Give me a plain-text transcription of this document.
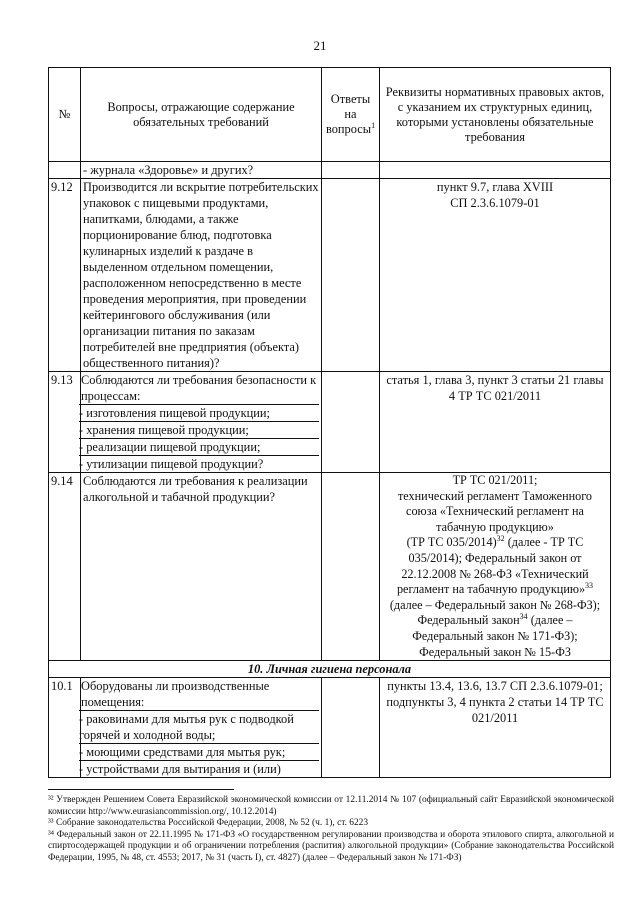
21
№	Вопросы, отражающие содержание обязательных требований	Ответы на вопросы$^1$	Реквизиты нормативных правовых актов, с указанием их структурных единиц, которыми установлены обязательные требования
	- журнала «Здоровье» и других?		
9.12	Производится ли вскрытие потребительских упаковок с пищевыми продуктами, напитками, блюдами, а также порционирование блюд, подготовка кулинарных изделий к раздаче в выделенном отдельном помещении, расположенном непосредственно в месте проведения мероприятия, при проведении кейтерингового обслуживания (или организации питания по заказам потребителей вне предприятия (объекта) общественного питания)?		пункт 9.7, глава XVIII
СП 2.3.6.1079-01

9.13	Соблюдаются ли требования безопасности к процессам:
- изготовления пищевой продукции;
- хранения пищевой продукции;
- реализации пищевой продукции;
- утилизации пищевой продукции?		статья 1, глава 3, пункт 3 статьи 21 главы 4 ТР ТС 021/2011
9.14	Соблюдаются ли требования к реализации алкогольной и табачной продукции?		ТР ТС 021/2011;
технический регламент Таможенного союза «Технический регламент на табачную продукцию»
(ТР ТС 035/2014)$^{32}$ (далее - ТР ТС 035/2014); Федеральный закон от 22.12.2008 № 268-ФЗ «Технический регламент на табачную продукцию»$^{33}$ (далее – Федеральный закон № 268-ФЗ); Федеральный закон$^{34}$ (далее – Федеральный закон № 171-ФЗ); Федеральный закон № 15-ФЗ
10. Личная гигиена персонала			
10.1	Оборудованы ли производственные помещения:
- раковинами для мытья рук с подводкой горячей и холодной воды;
- моющими средствами для мытья рук;
- устройствами для вытирания и (или)		пункты 13.4, 13.6, 13.7 СП 2.3.6.1079-01; подпункты 3, 4 пункта 2 статьи 14 ТР ТС 021/2011
³² Утвержден Решением Совета Евразийской экономической комиссии от 12.11.2014 № 107 (официальный сайт Евразийской экономической комиссии http://www.eurasiancommission.org/, 10.12.2014)
³³ Собрание законодательства Российской Федерации, 2008, № 52 (ч. 1), ст. 6223
³⁴ Федеральный закон от 22.11.1995 № 171-ФЗ «О государственном регулировании производства и оборота этилового спирта, алкогольной и спиртосодержащей продукции и об ограничении потребления (распития) алкогольной продукции» (Собрание законодательства Российской Федерации, 1995, № 48, ст. 4553; 2017, № 31 (часть I), ст. 4827) (далее – Федеральный закон № 171-ФЗ)
